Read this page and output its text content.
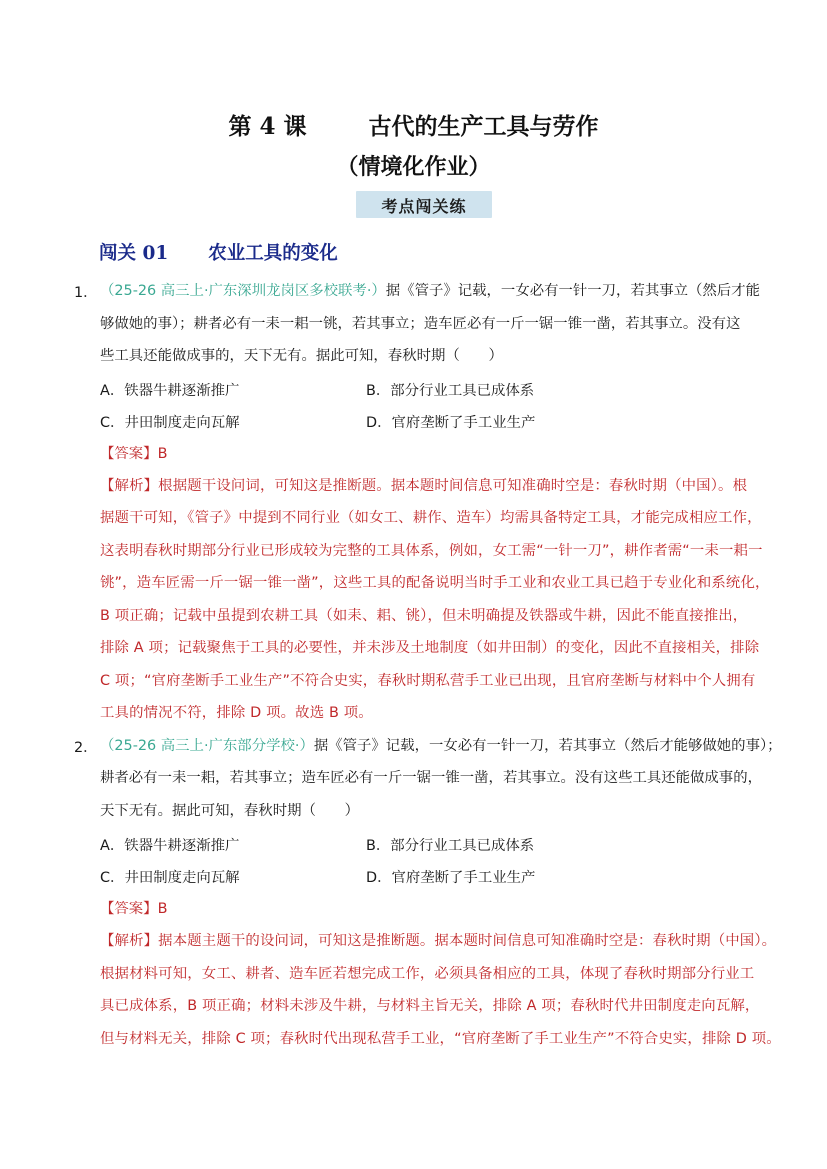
第 4 课	古代的生产工具与劳作
（情境化作业）
考点闯关练
闯关 01 农业工具的变化
1． （25-26 高三上·广东深圳龙岗区多校联考·）据《管子》记载，一女必有一针一刀，若其事立（然后才能
够做她的事）；耕者必有一耒一耜一铫，若其事立；造车匠必有一斤一锯一锥一凿，若其事立。没有这
些工具还能做成事的，天下无有。据此可知，春秋时期（　　）
A．铁器牛耕逐渐推广	B．部分行业工具已成体系
C．井田制度走向瓦解	D．官府垄断了手工业生产
【答案】B
【解析】根据题干设问词，可知这是推断题。据本题时间信息可知准确时空是：春秋时期（中国）。根
据题干可知，《管子》中提到不同行业（如女工、耕作、造车）均需具备特定工具，才能完成相应工作，
这表明春秋时期部分行业已形成较为完整的工具体系，例如，女工需“一针一刀”，耕作者需“一耒一耜一
铫”，造车匠需一斤一锯一锥一凿”，这些工具的配备说明当时手工业和农业工具已趋于专业化和系统化，
B 项正确；记载中虽提到农耕工具（如耒、耜、铫），但未明确提及铁器或牛耕，因此不能直接推出，
排除 A 项；记载聚焦于工具的必要性，并未涉及土地制度（如井田制）的变化，因此不直接相关，排除
C 项；“官府垄断手工业生产”不符合史实，春秋时期私营手工业已出现，且官府垄断与材料中个人拥有
工具的情况不符，排除 D 项。故选 B 项。
2． （25-26 高三上·广东部分学校·）据《管子》记载，一女必有一针一刀，若其事立（然后才能够做她的事）；
耕者必有一耒一耜，若其事立；造车匠必有一斤一锯一锥一凿，若其事立。没有这些工具还能做成事的，
天下无有。据此可知，春秋时期（　　）
A．铁器牛耕逐渐推广	B．部分行业工具已成体系
C．井田制度走向瓦解	D．官府垄断了手工业生产
【答案】B
【解析】据本题主题干的设问词，可知这是推断题。据本题时间信息可知准确时空是：春秋时期（中国）。
根据材料可知，女工、耕者、造车匠若想完成工作，必须具备相应的工具，体现了春秋时期部分行业工
具已成体系，B 项正确；材料未涉及牛耕，与材料主旨无关，排除 A 项；春秋时代井田制度走向瓦解，
但与材料无关，排除 C 项；春秋时代出现私营手工业，“官府垄断了手工业生产”不符合史实，排除 D 项。
